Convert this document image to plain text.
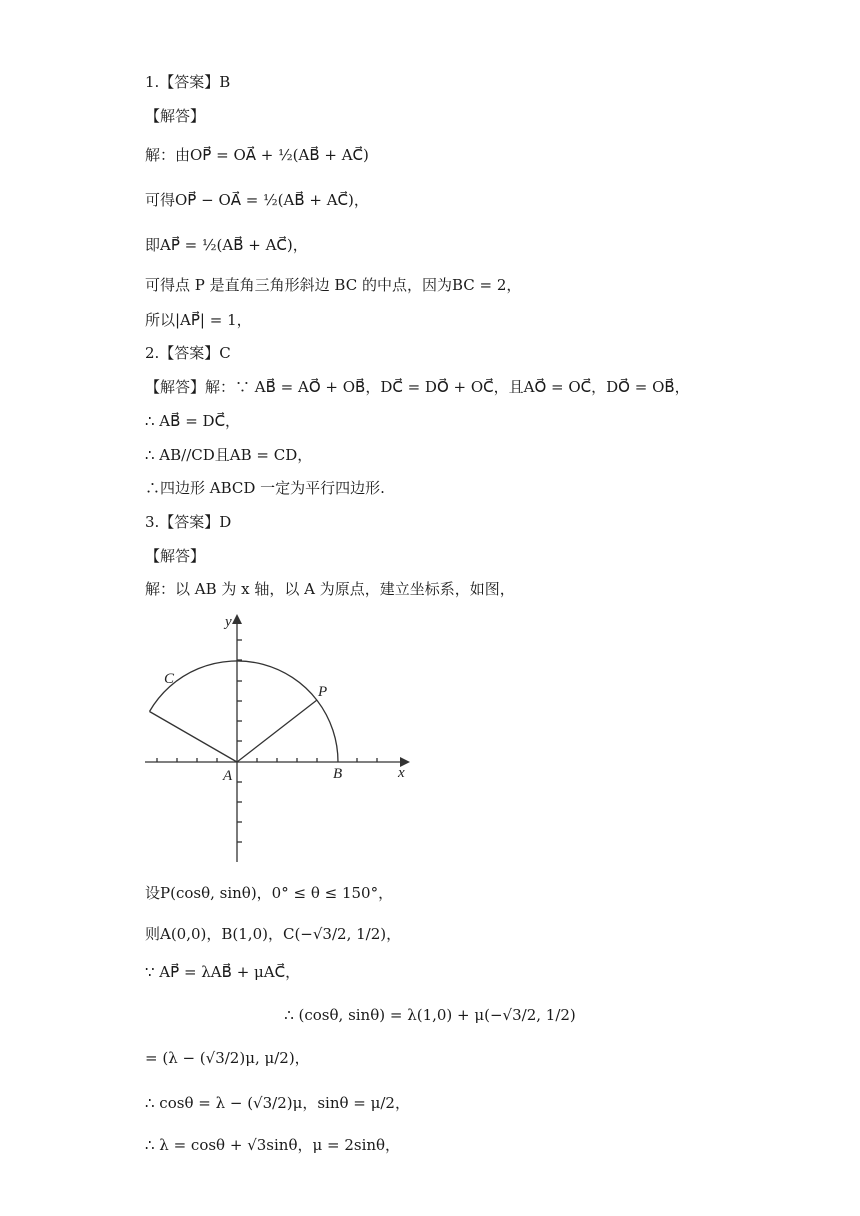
1.【答案】B
【解答】
解：由OP⃗ = OA⃗ + ½(AB⃗ + AC⃗)
可得OP⃗ − OA⃗ = ½(AB⃗ + AC⃗)，
即AP⃗ = ½(AB⃗ + AC⃗)，
可得点 P 是直角三角形斜边 BC 的中点，因为BC = 2，
所以|AP⃗| = 1，
2.【答案】C
【解答】解：∵ AB⃗ = AO⃗ + OB⃗，DC⃗ = DO⃗ + OC⃗，且AO⃗ = OC⃗，DO⃗ = OB⃗，
∴ AB⃗ = DC⃗，
∴ AB//CD且AB = CD，
∴四边形 ABCD 一定为平行四边形.
3.【答案】D
【解答】
解：以 AB 为 x 轴，以 A 为原点，建立坐标系，如图，
y
x
A	B
C
P
设P(cosθ, sinθ)，0° ≤ θ ≤ 150°，
则A(0,0)，B(1,0)，C(−√3/2, 1/2)，
∵ AP⃗ = λAB⃗ + μAC⃗，
∴ (cosθ, sinθ) = λ(1,0) + μ(−√3/2, 1/2)
= (λ − (√3/2)μ, μ/2)，
∴ cosθ = λ − (√3/2)μ，sinθ = μ/2，
∴ λ = cosθ + √3sinθ，μ = 2sinθ，
